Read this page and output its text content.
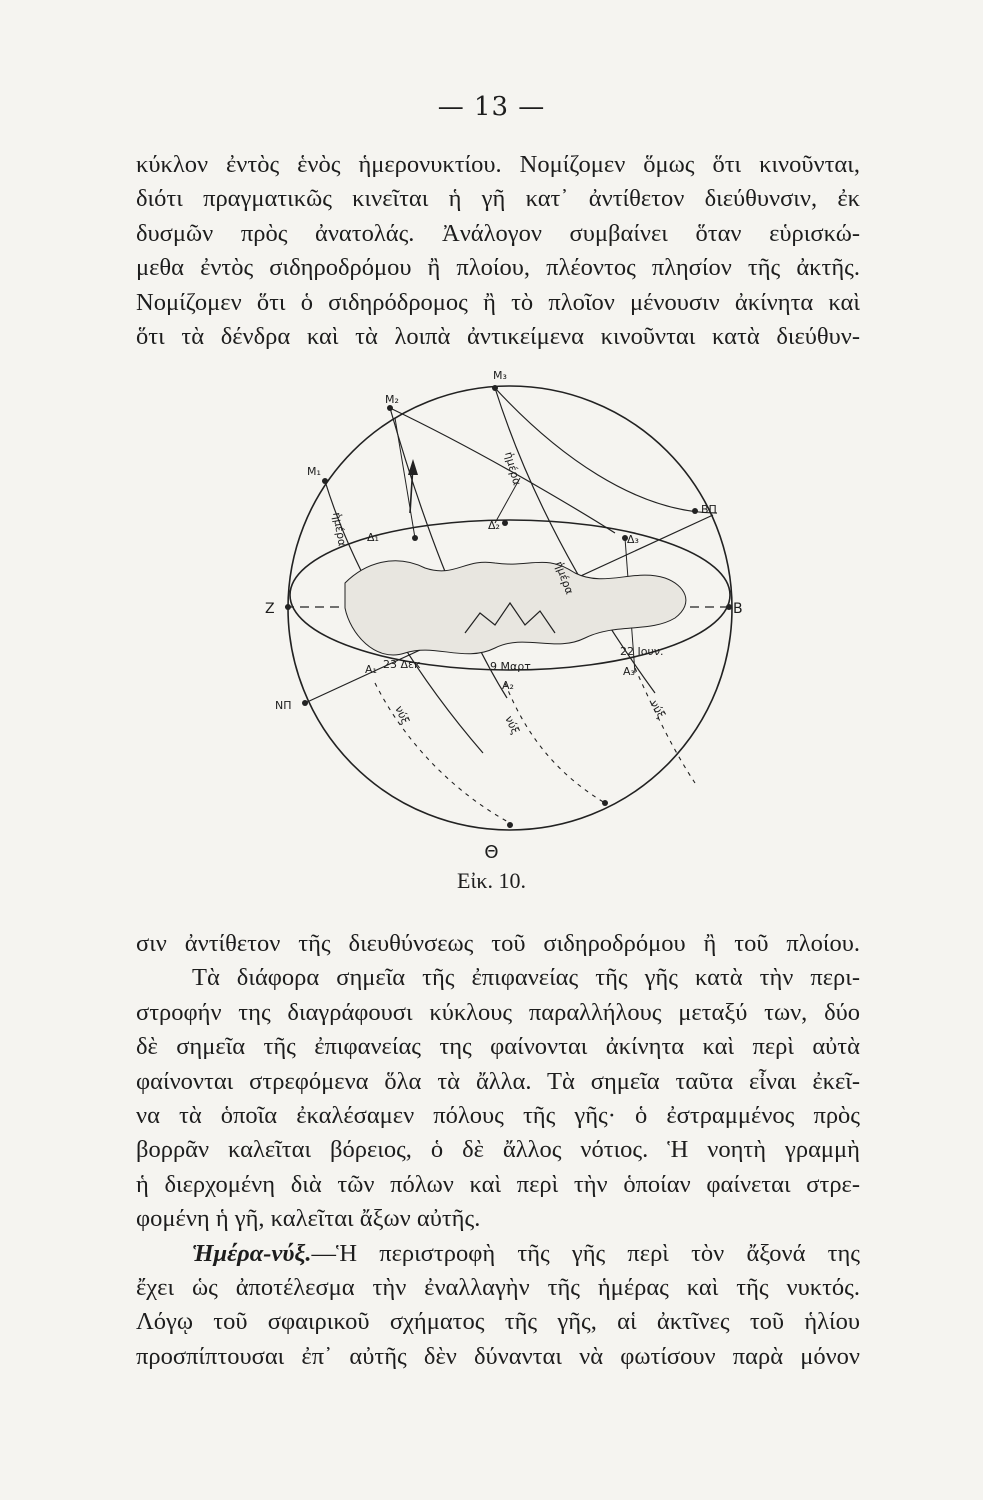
— 13 —
κύκλον ἐντὸς ἑνὸς ἡμερονυκτίου. Νομίζομεν ὅμως ὅτι κινοῦνται,
διότι πραγματικῶς κινεῖται ἡ γῆ κατ᾽ ἀντίθετον διεύθυνσιν, ἐκ
δυσμῶν πρὸς ἀνατολάς. Ἀνάλογον συμβαίνει ὅταν εὑρισκώ-
μεθα ἐντὸς σιδηροδρόμου ἢ πλοίου, πλέοντος πλησίον τῆς ἀκτῆς.
Νομίζομεν ὅτι ὁ σιδηρόδρομος ἢ τὸ πλοῖον μένουσιν ἀκίνητα καὶ
ὅτι τὰ δένδρα καὶ τὰ λοιπὰ ἀντικείμενα κινοῦνται κατὰ διεύθυν-
M₁
M₂
M₃
Δ₁
Δ₂
Δ₃
A₁
A₂
A₃
Z	B
NΠ
BΠ
23 Δεκ	9 Μαρτ
22 Ιουν.
ἡμέρα
ἡμέρα
ἡμέρα
νύξ	νύξ
νύξ
Θ
Εἰκ. 10.
σιν ἀντίθετον τῆς διευθύνσεως τοῦ σιδηροδρόμου ἢ τοῦ πλοίου.
Τὰ διάφορα σημεῖα τῆς ἐπιφανείας τῆς γῆς κατὰ τὴν περι-
στροφήν της διαγράφουσι κύκλους παραλλήλους μεταξύ των, δύο
δὲ σημεῖα τῆς ἐπιφανείας της φαίνονται ἀκίνητα καὶ περὶ αὐτὰ
φαίνονται στρεφόμενα ὅλα τὰ ἄλλα. Τὰ σημεῖα ταῦτα εἶναι ἐκεῖ-
να τὰ ὁποῖα ἐκαλέσαμεν πόλους τῆς γῆς· ὁ ἐστραμμένος πρὸς
βορρᾶν καλεῖται βόρειος, ὁ δὲ ἄλλος νότιος. Ἡ νοητὴ γραμμὴ
ἡ διερχομένη διὰ τῶν πόλων καὶ περὶ τὴν ὁποίαν φαίνεται στρε-
φομένη ἡ γῆ, καλεῖται ἄξων αὐτῆς.
Ἡμέρα-νύξ.—Ἡ περιστροφὴ τῆς γῆς περὶ τὸν ἄξονά της
ἔχει ὡς ἀποτέλεσμα τὴν ἐναλλαγὴν τῆς ἡμέρας καὶ τῆς νυκτός.
Λόγῳ τοῦ σφαιρικοῦ σχήματος τῆς γῆς, αἱ ἀκτῖνες τοῦ ἡλίου
προσπίπτουσαι ἐπ᾽ αὐτῆς δὲν δύνανται νὰ φωτίσουν παρὰ μόνον
